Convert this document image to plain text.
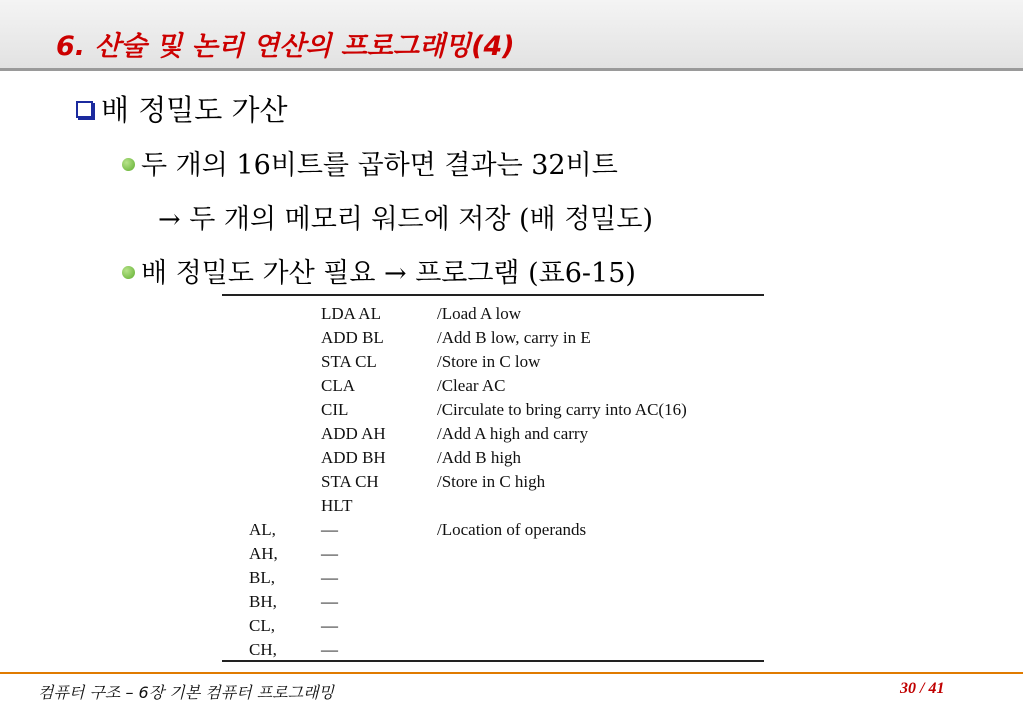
6. 산술 및 논리 연산의 프로그래밍(4)
배 정밀도 가산
두 개의 16비트를 곱하면 결과는 32비트
→ 두 개의 메모리 워드에 저장 (배 정밀도)
배 정밀도 가산 필요 → 프로그램 (표6-15)
LDA AL	/Load A low
ADD BL	/Add B low, carry in E
STA CL	/Store in C low
CLA	/Clear AC
CIL	/Circulate to bring carry into AC(16)
ADD AH	/Add A high and carry
ADD BH	/Add B high
STA CH	/Store in C high
HLT
AL,	—	/Location of operands
AH,	—
BL,	—
BH,	—
CL,	—
CH,	—
컴퓨터 구조 – 6장 기본 컴퓨터 프로그래밍	30 / 41
